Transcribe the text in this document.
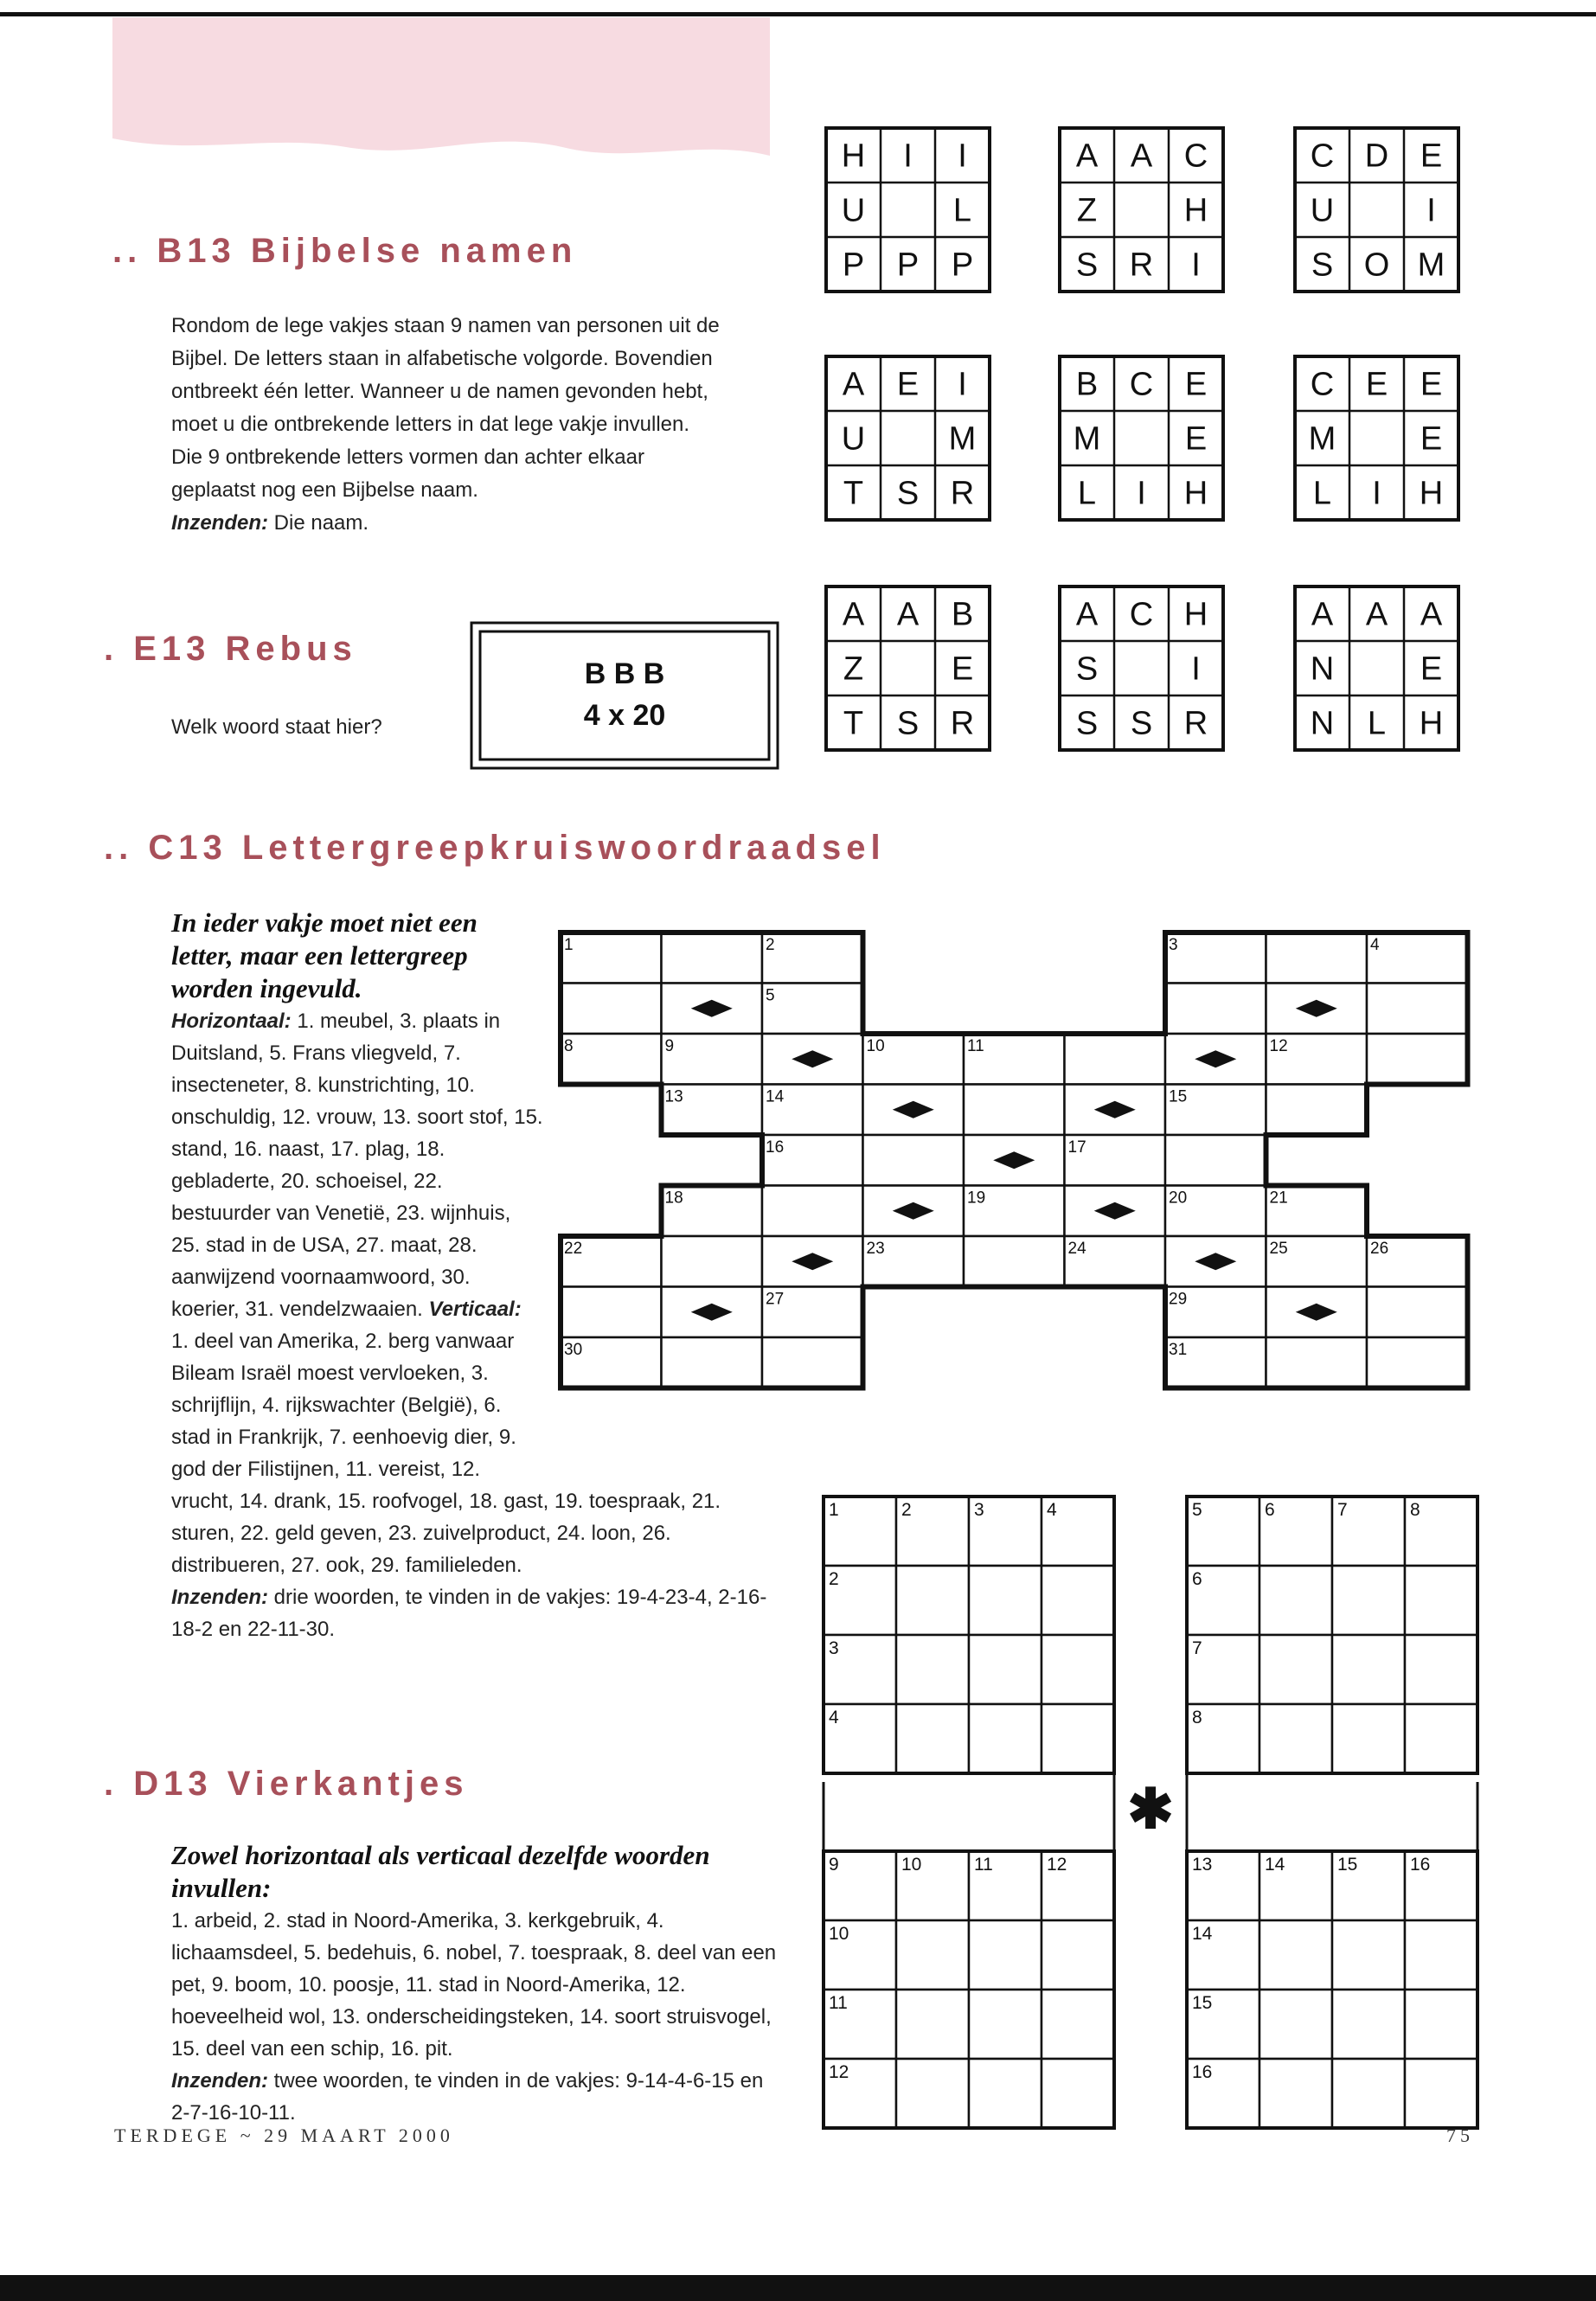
.. B13 Bijbelse namen

Rondom de lege vakjes staan 9 namen van personen uit de

Bijbel. De letters staan in alfabetische volgorde. Bovendien

ontbreekt één letter. Wanneer u de namen gevonden hebt,

moet u die ontbrekende letters in dat lege vakje invullen.

Die 9 ontbrekende letters vormen dan achter elkaar

geplaatst nog een Bijbelse naam.

Inzenden: Die naam.

H I I
U	L
P P P
A A C
Z	H
S R I
C D E
U	I
S O M
A E I
U	M
T S R
B C E
M	E
L I H
C E E
M	E
L I H
A A B
Z	E
T S R
A C H
S	I
S S R
A A A
N	E
N L H
. E13 Rebus
Welk woord staat hier?
B B B
4 x 20
.. C13 Lettergreepkruiswoordraadsel
In ieder vakje moet niet een letter, maar een lettergreep worden ingevuld.
Horizontaal: 1. meubel, 3. plaats in Duitsland, 5. Frans vliegveld, 7. insecteneter, 8. kunstrichting, 10. onschuldig, 12. vrouw, 13. soort stof, 15. stand, 16. naast, 17. plag, 18. gebladerte, 20. schoeisel, 22. bestuurder van Venetië, 23. wijnhuis, 25. stad in de USA, 27. maat, 28. aanwijzend voornaamwoord, 30. koerier, 31. vendelzwaaien. Verticaal: 1. deel van Amerika, 2. berg vanwaar Bileam Israël moest vervloeken, 3. schrijflijn, 4. rijkswachter (België), 6. stad in Frankrijk, 7. eenhoevig dier, 9. god der Filistijnen, 11. vereist, 12. vrucht, 14. drank, 15. roofvogel, 18. gast, 19. toespraak, 21. sturen, 22. geld geven, 23. zuivelproduct, 24. loon, 26. distribueren, 27. ook, 29. familieleden.
Inzenden: drie woorden, te vinden in de vakjes: 19-4-23-4, 2-16-18-2 en 22-11-30.
1	2	3	4
5
8	9	10	11	12
13	14	15
16	17
18	19	20	21
22	23	24	25	26
27	29
30	31
. D13 Vierkantjes
Zowel horizontaal als verticaal dezelfde woorden invullen:
1. arbeid, 2. stad in Noord-Amerika, 3. kerkgebruik, 4. lichaamsdeel, 5. bedehuis, 6. nobel, 7. toespraak, 8. deel van een pet, 9. boom, 10. poosje, 11. stad in Noord-Amerika, 12. hoeveelheid wol, 13. onderscheidingsteken, 14. soort struisvogel, 15. deel van een schip, 16. pit.
Inzenden: twee woorden, te vinden in de vakjes: 9-14-4-6-15 en 2-7-16-10-11.
1	2	3	4
2
3
4
5	6	7	8
6
7
8
9	10	11	12
10
11
12
13	14	15	16
14
15
16
✱
TERDEGE ~ 29 MAART 2000	75
